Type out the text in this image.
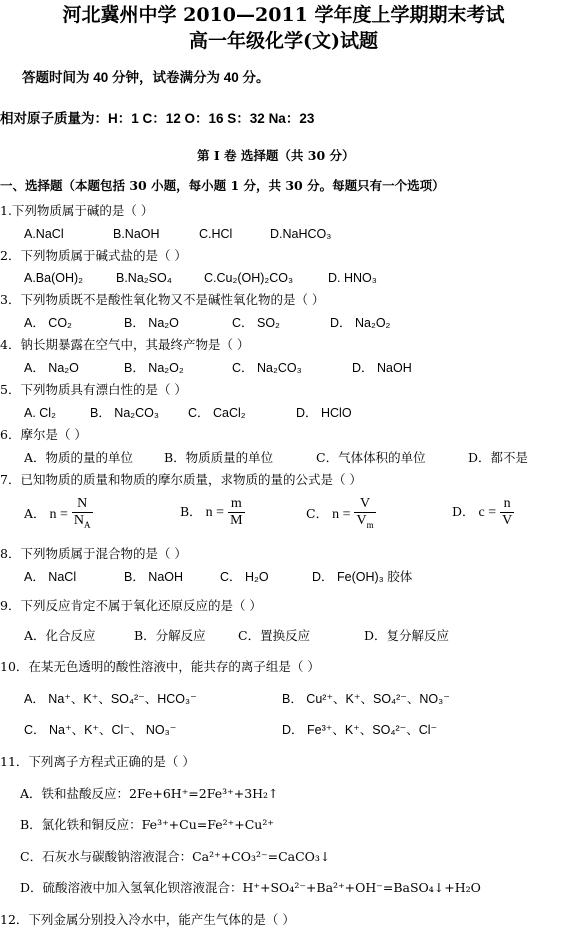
河北冀州中学 2010—2011 学年度上学期期末考试
高一年级化学(文)试题
答题时间为 40 分钟，试卷满分为 40 分。
相对原子质量为：H：1 C：12 O：16 S：32 Na：23
第 I 卷 选择题（共 30 分）
一、选择题（本题包括 30 小题，每小题 1 分，共 30 分。每题只有一个选项）
1.下列物质属于碱的是（ ）
A.NaCl	B.NaOH	C.HCl	D.NaHCO₃
2．下列物质属于碱式盐的是（ ）
A.Ba(OH)₂	B.Na₂SO₄	C.Cu₂(OH)₂CO₃	D. HNO₃
3．下列物质既不是酸性氧化物又不是碱性氧化物的是（ ）
A． CO₂	B． Na₂O	C． SO₂	D． Na₂O₂
4．钠长期暴露在空气中，其最终产物是（ ）
A． Na₂O	B． Na₂O₂	C． Na₂CO₃	D． NaOH
5．下列物质具有漂白性的是（ ）
A. Cl₂	B． Na₂CO₃ C． CaCl₂	D． HClO
6．摩尔是（ ）
A．物质的量的单位 B．物质质量的单位	C．气体体积的单位	D．都不是
7．已知物质的质量和物质的摩尔质量，求物质的量的公式是（ ）
A． $n = \frac{N}{N_A}$	B． $n = \frac{m}{M}$	C． $n = \frac{V}{V_m}$	D． $c = \frac{n}{V}$
8．下列物质属于混合物的是（ ）
A． NaCl	B． NaOH	C． H₂O	D． Fe(OH)₃ 胶体
9．下列反应肯定不属于氧化还原反应的是（ ）
A．化合反应	B．分解反应	C．置换反应	D．复分解反应
10．在某无色透明的酸性溶液中，能共存的离子组是（ ）
A． Na⁺、K⁺、SO₄²⁻、HCO₃⁻	B． Cu²⁺、K⁺、SO₄²⁻、NO₃⁻
C． Na⁺、K⁺、Cl⁻、 NO₃⁻	D． Fe³⁺、K⁺、SO₄²⁻、Cl⁻
11．下列离子方程式正确的是（ ）
A．铁和盐酸反应：2Fe+6H⁺=2Fe³⁺+3H₂↑
B．氯化铁和铜反应：Fe³⁺+Cu=Fe²⁺+Cu²⁺
C．石灰水与碳酸钠溶液混合：Ca²⁺+CO₃²⁻=CaCO₃↓
D．硫酸溶液中加入氢氧化钡溶液混合：H⁺+SO₄²⁻+Ba²⁺+OH⁻=BaSO₄↓+H₂O
12．下列金属分别投入冷水中，能产生气体的是（ ）
